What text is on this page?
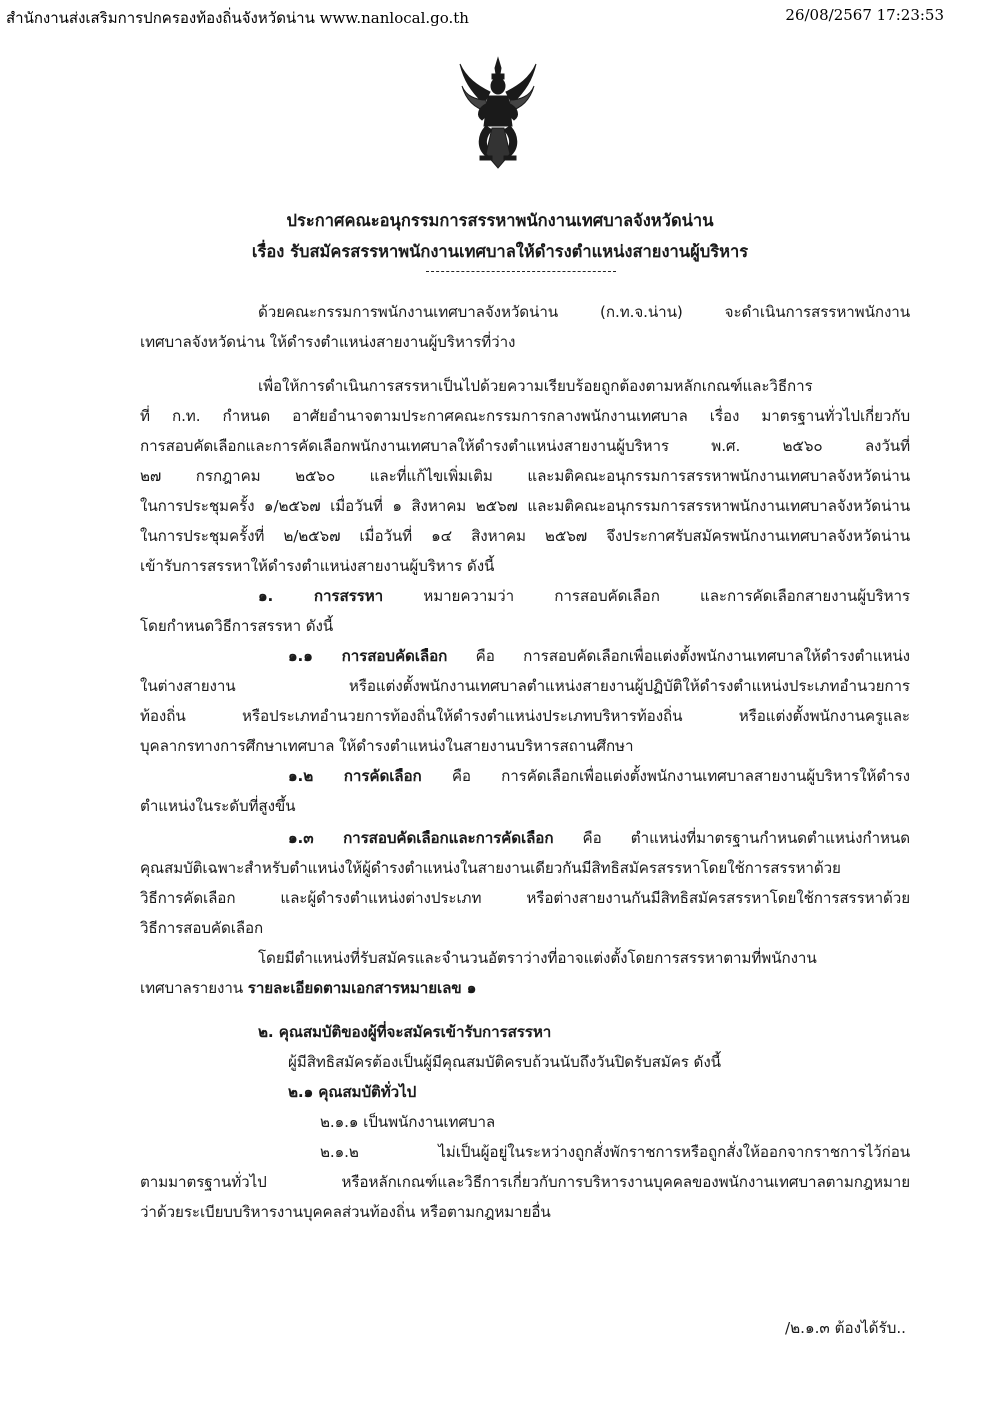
สำนักงานส่งเสริมการปกครองท้องถิ่นจังหวัดน่าน www.nanlocal.go.th	26/08/2567 17:23:53
ประกาศคณะอนุกรรมการสรรหาพนักงานเทศบาลจังหวัดน่าน
เรื่อง รับสมัครสรรหาพนักงานเทศบาลให้ดำรงตำแหน่งสายงานผู้บริหาร
ด้วยคณะกรรมการพนักงานเทศบาลจังหวัดน่าน (ก.ท.จ.น่าน) จะดำเนินการสรรหาพนักงาน
เทศบาลจังหวัดน่าน ให้ดำรงตำแหน่งสายงานผู้บริหารที่ว่าง
เพื่อให้การดำเนินการสรรหาเป็นไปด้วยความเรียบร้อยถูกต้องตามหลักเกณฑ์และวิธีการ
ที่ ก.ท. กำหนด อาศัยอำนาจตามประกาศคณะกรรมการกลางพนักงานเทศบาล เรื่อง มาตรฐานทั่วไปเกี่ยวกับ
การสอบคัดเลือกและการคัดเลือกพนักงานเทศบาลให้ดำรงตำแหน่งสายงานผู้บริหาร พ.ศ. ๒๕๖๐ ลงวันที่
๒๗ กรกฎาคม ๒๕๖๐ และที่แก้ไขเพิ่มเติม และมติคณะอนุกรรมการสรรหาพนักงานเทศบาลจังหวัดน่าน
ในการประชุมครั้ง ๑/๒๕๖๗ เมื่อวันที่ ๑ สิงหาคม ๒๕๖๗ และมติคณะอนุกรรมการสรรหาพนักงานเทศบาลจังหวัดน่าน
ในการประชุมครั้งที่ ๒/๒๕๖๗ เมื่อวันที่ ๑๔ สิงหาคม ๒๕๖๗ จึงประกาศรับสมัครพนักงานเทศบาลจังหวัดน่าน
เข้ารับการสรรหาให้ดำรงตำแหน่งสายงานผู้บริหาร ดังนี้
๑. การสรรหา หมายความว่า การสอบคัดเลือก และการคัดเลือกสายงานผู้บริหาร
โดยกำหนดวิธีการสรรหา ดังนี้
๑.๑ การสอบคัดเลือก คือ การสอบคัดเลือกเพื่อแต่งตั้งพนักงานเทศบาลให้ดำรงตำแหน่ง
ในต่างสายงาน หรือแต่งตั้งพนักงานเทศบาลตำแหน่งสายงานผู้ปฏิบัติให้ดำรงตำแหน่งประเภทอำนวยการ
ท้องถิ่น หรือประเภทอำนวยการท้องถิ่นให้ดำรงตำแหน่งประเภทบริหารท้องถิ่น หรือแต่งตั้งพนักงานครูและ
บุคลากรทางการศึกษาเทศบาล ให้ดำรงตำแหน่งในสายงานบริหารสถานศึกษา
๑.๒ การคัดเลือก คือ การคัดเลือกเพื่อแต่งตั้งพนักงานเทศบาลสายงานผู้บริหารให้ดำรง
ตำแหน่งในระดับที่สูงขึ้น
๑.๓ การสอบคัดเลือกและการคัดเลือก คือ ตำแหน่งที่มาตรฐานกำหนดตำแหน่งกำหนด
คุณสมบัติเฉพาะสำหรับตำแหน่งให้ผู้ดำรงตำแหน่งในสายงานเดียวกันมีสิทธิสมัครสรรหาโดยใช้การสรรหาด้วย
วิธีการคัดเลือก และผู้ดำรงตำแหน่งต่างประเภท หรือต่างสายงานกันมีสิทธิสมัครสรรหาโดยใช้การสรรหาด้วย
วิธีการสอบคัดเลือก
โดยมีตำแหน่งที่รับสมัครและจำนวนอัตราว่างที่อาจแต่งตั้งโดยการสรรหาตามที่พนักงาน
เทศบาลรายงาน รายละเอียดตามเอกสารหมายเลข ๑
๒. คุณสมบัติของผู้ที่จะสมัครเข้ารับการสรรหา
ผู้มีสิทธิสมัครต้องเป็นผู้มีคุณสมบัติครบถ้วนนับถึงวันปิดรับสมัคร ดังนี้
๒.๑ คุณสมบัติทั่วไป
๒.๑.๑ เป็นพนักงานเทศบาล
๒.๑.๒ ไม่เป็นผู้อยู่ในระหว่างถูกสั่งพักราชการหรือถูกสั่งให้ออกจากราชการไว้ก่อน
ตามมาตรฐานทั่วไป หรือหลักเกณฑ์และวิธีการเกี่ยวกับการบริหารงานบุคคลของพนักงานเทศบาลตามกฎหมาย
ว่าด้วยระเบียบบริหารงานบุคคลส่วนท้องถิ่น หรือตามกฎหมายอื่น
/๒.๑.๓ ต้องได้รับ..
